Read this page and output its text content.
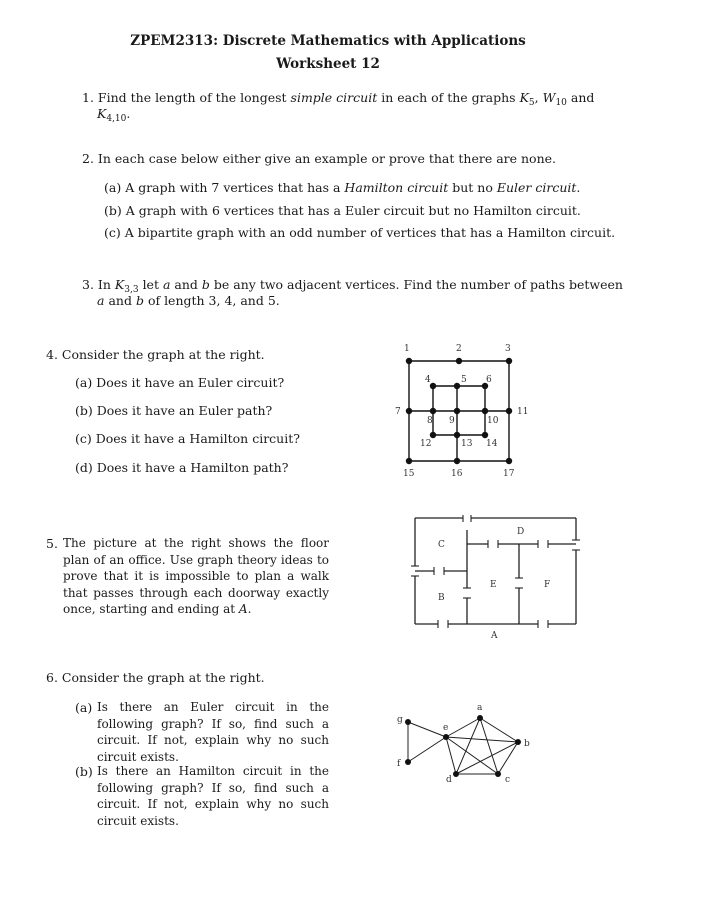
ZPEM2313: Discrete Mathematics with Applications
Worksheet 12
1. Find the length of the longest simple circuit in each of the graphs $K_5$, $W_{10}$ and
$K_{4,10}$.
2. In each case below either give an example or prove that there are none.
(a) A graph with 7 vertices that has a Hamilton circuit but no Euler circuit.
(b) A graph with 6 vertices that has a Euler circuit but no Hamilton circuit.
(c) A bipartite graph with an odd number of vertices that has a Hamilton circuit.
3. In $K_{3,3}$ let a and b be any two adjacent vertices. Find the number of paths between
a and b of length 3, 4, and 5.
4. Consider the graph at the right.
(a) Does it have an Euler circuit?
(b) Does it have an Euler path?
(c) Does it have a Hamilton circuit?
(d) Does it have a Hamilton path?
1	2	3
4	5 6
7
8 9	10
11
12	13 14
15	16	17
5. The picture at the right shows the floor plan of an office. Use graph theory ideas to prove that it is impossible to plan a walk that passes through each doorway exactly once, starting and ending at A.
D
C
E	F
B
A
6. Consider the graph at the right.
(a) Is there an Euler circuit in the following graph? If so, find such a circuit. If not, explain why no such circuit exists.
(b) Is there an Hamilton circuit in the following graph? If so, find such a circuit. If not, explain why no such circuit exists.
g
f
e
a
b
c
d
